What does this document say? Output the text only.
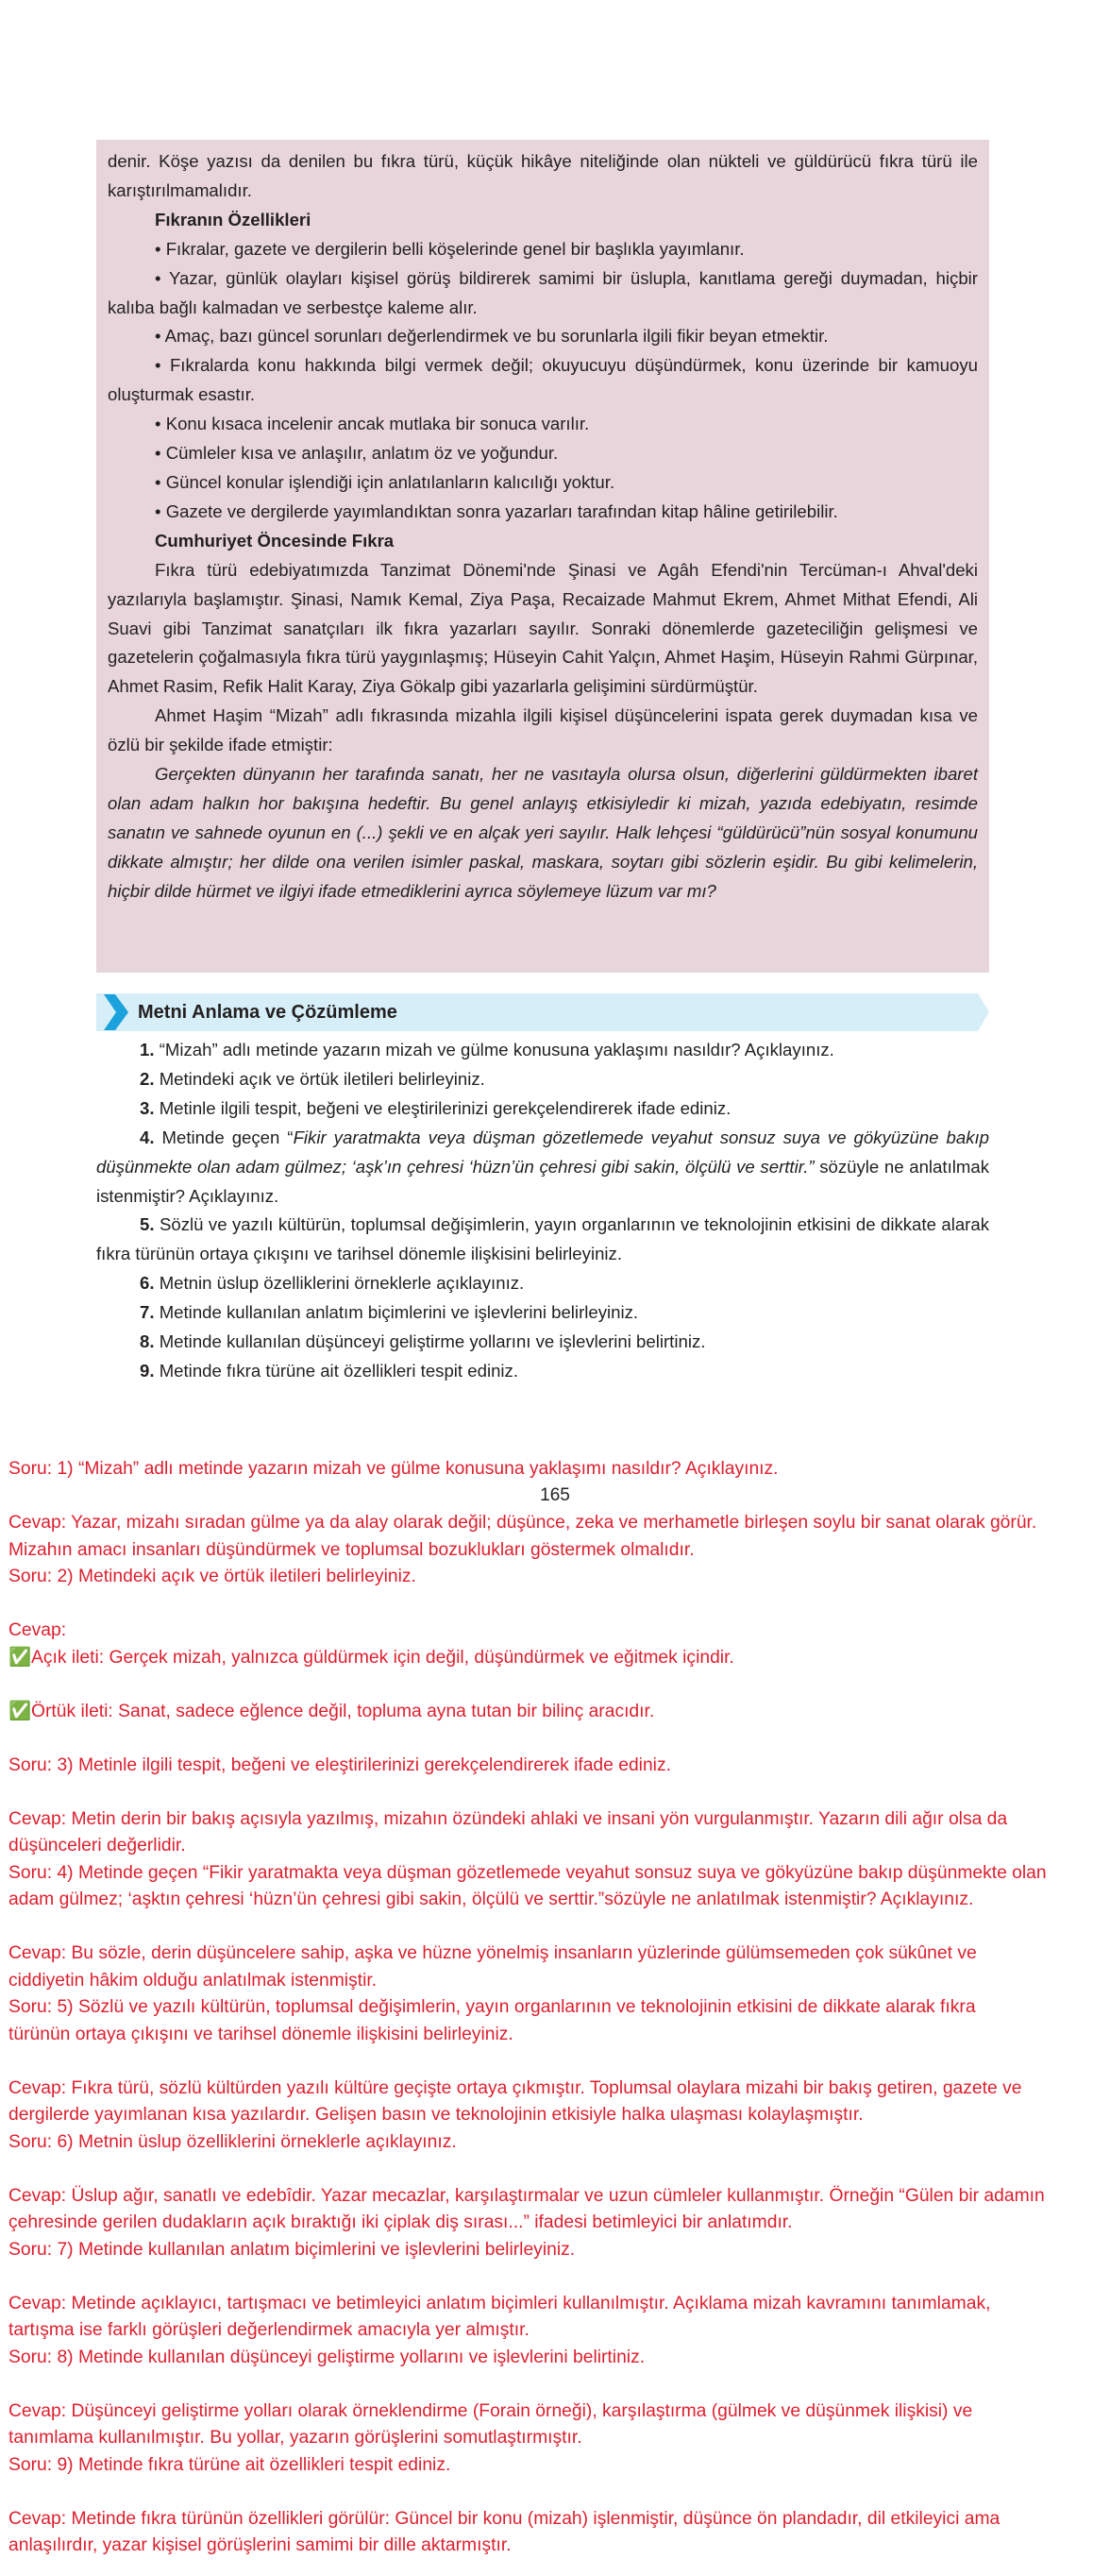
denir. Köşe yazısı da denilen bu fıkra türü, küçük hikâye niteliğinde olan nükteli ve güldürücü fıkra türü ile karıştırılmamalıdır.

Fıkranın Özellikleri

• Fıkralar, gazete ve dergilerin belli köşelerinde genel bir başlıkla yayımlanır.

• Yazar, günlük olayları kişisel görüş bildirerek samimi bir üslupla, kanıtlama gereği duymadan, hiçbir kalıba bağlı kalmadan ve serbestçe kaleme alır.

• Amaç, bazı güncel sorunları değerlendirmek ve bu sorunlarla ilgili fikir beyan etmektir.

• Fıkralarda konu hakkında bilgi vermek değil; okuyucuyu düşündürmek, konu üzerinde bir kamuoyu oluşturmak esastır.

• Konu kısaca incelenir ancak mutlaka bir sonuca varılır.

• Cümleler kısa ve anlaşılır, anlatım öz ve yoğundur.

• Güncel konular işlendiği için anlatılanların kalıcılığı yoktur.

• Gazete ve dergilerde yayımlandıktan sonra yazarları tarafından kitap hâline getirilebilir.

Cumhuriyet Öncesinde Fıkra

Fıkra türü edebiyatımızda Tanzimat Dönemi'nde Şinasi ve Agâh Efendi'nin Tercüman-ı Ahval'deki yazılarıyla başlamıştır. Şinasi, Namık Kemal, Ziya Paşa, Recaizade Mahmut Ekrem, Ahmet Mithat Efendi, Ali Suavi gibi Tanzimat sanatçıları ilk fıkra yazarları sayılır. Sonraki dönemlerde gazeteciliğin gelişmesi ve gazetelerin çoğalmasıyla fıkra türü yaygınlaşmış; Hüseyin Cahit Yalçın, Ahmet Haşim, Hüseyin Rahmi Gürpınar, Ahmet Rasim, Refik Halit Karay, Ziya Gökalp gibi yazarlarla gelişimini sürdürmüştür.

Ahmet Haşim “Mizah” adlı fıkrasında mizahla ilgili kişisel düşüncelerini ispata gerek duymadan kısa ve özlü bir şekilde ifade etmiştir:

Gerçekten dünyanın her tarafında sanatı, her ne vasıtayla olursa olsun, diğerlerini güldürmekten ibaret olan adam halkın hor bakışına hedeftir. Bu genel anlayış etkisiyledir ki mizah, yazıda edebiyatın, resimde sanatın ve sahnede oyunun en (...) şekli ve en alçak yeri sayılır. Halk lehçesi “güldürücü”nün sosyal konumunu dikkate almıştır; her dilde ona verilen isimler paskal, maskara, soytarı gibi sözlerin eşidir. Bu gibi kelimelerin, hiçbir dilde hürmet ve ilgiyi ifade etmediklerini ayrıca söylemeye lüzum var mı?

Metni Anlama ve Çözümleme

1. “Mizah” adlı metinde yazarın mizah ve gülme konusuna yaklaşımı nasıldır? Açıklayınız.

2. Metindeki açık ve örtük iletileri belirleyiniz.

3. Metinle ilgili tespit, beğeni ve eleştirilerinizi gerekçelendirerek ifade ediniz.

4. Metinde geçen “Fikir yaratmakta veya düşman gözetlemede veyahut sonsuz suya ve gökyüzüne bakıp düşünmekte olan adam gülmez; ‘aşk’ın çehresi ‘hüzn’ün çehresi gibi sakin, ölçülü ve serttir.” sözüyle ne anlatılmak istenmiştir? Açıklayınız.

5. Sözlü ve yazılı kültürün, toplumsal değişimlerin, yayın organlarının ve teknolojinin etkisini de dikkate alarak fıkra türünün ortaya çıkışını ve tarihsel dönemle ilişkisini belirleyiniz.

6. Metnin üslup özelliklerini örneklerle açıklayınız.

7. Metinde kullanılan anlatım biçimlerini ve işlevlerini belirleyiniz.

8. Metinde kullanılan düşünceyi geliştirme yollarını ve işlevlerini belirtiniz.

9. Metinde fıkra türüne ait özellikleri tespit ediniz.

165
Soru: 1) “Mizah” adlı metinde yazarın mizah ve gülme konusuna yaklaşımı nasıldır? Açıklayınız.
Cevap: Yazar, mizahı sıradan gülme ya da alay olarak değil; düşünce, zeka ve merhametle birleşen soylu bir sanat olarak görür.
Mizahın amacı insanları düşündürmek ve toplumsal bozuklukları göstermek olmalıdır.
Soru: 2) Metindeki açık ve örtük iletileri belirleyiniz.
Cevap:
✅Açık ileti: Gerçek mizah, yalnızca güldürmek için değil, düşündürmek ve eğitmek içindir.
✅Örtük ileti: Sanat, sadece eğlence değil, topluma ayna tutan bir bilinç aracıdır.
Soru: 3) Metinle ilgili tespit, beğeni ve eleştirilerinizi gerekçelendirerek ifade ediniz.
Cevap: Metin derin bir bakış açısıyla yazılmış, mizahın özündeki ahlaki ve insani yön vurgulanmıştır. Yazarın dili ağır olsa da
düşünceleri değerlidir.
Soru: 4) Metinde geçen “Fikir yaratmakta veya düşman gözetlemede veyahut sonsuz suya ve gökyüzüne bakıp düşünmekte olan
adam gülmez; ‘aşktın çehresi ‘hüzn’ün çehresi gibi sakin, ölçülü ve serttir.”sözüyle ne anlatılmak istenmiştir? Açıklayınız.
Cevap: Bu sözle, derin düşüncelere sahip, aşka ve hüzne yönelmiş insanların yüzlerinde gülümsemeden çok sükûnet ve
ciddiyetin hâkim olduğu anlatılmak istenmiştir.
Soru: 5) Sözlü ve yazılı kültürün, toplumsal değişimlerin, yayın organlarının ve teknolojinin etkisini de dikkate alarak fıkra
türünün ortaya çıkışını ve tarihsel dönemle ilişkisini belirleyiniz.
Cevap: Fıkra türü, sözlü kültürden yazılı kültüre geçişte ortaya çıkmıştır. Toplumsal olaylara mizahi bir bakış getiren, gazete ve
dergilerde yayımlanan kısa yazılardır. Gelişen basın ve teknolojinin etkisiyle halka ulaşması kolaylaşmıştır.
Soru: 6) Metnin üslup özelliklerini örneklerle açıklayınız.
Cevap: Üslup ağır, sanatlı ve edebîdir. Yazar mecazlar, karşılaştırmalar ve uzun cümleler kullanmıştır. Örneğin “Gülen bir adamın
çehresinde gerilen dudakların açık bıraktığı iki çiplak diş sırası...” ifadesi betimleyici bir anlatımdır.
Soru: 7) Metinde kullanılan anlatım biçimlerini ve işlevlerini belirleyiniz.
Cevap: Metinde açıklayıcı, tartışmacı ve betimleyici anlatım biçimleri kullanılmıştır. Açıklama mizah kavramını tanımlamak,
tartışma ise farklı görüşleri değerlendirmek amacıyla yer almıştır.
Soru: 8) Metinde kullanılan düşünceyi geliştirme yollarını ve işlevlerini belirtiniz.
Cevap: Düşünceyi geliştirme yolları olarak örneklendirme (Forain örneği), karşılaştırma (gülmek ve düşünmek ilişkisi) ve
tanımlama kullanılmıştır. Bu yollar, yazarın görüşlerini somutlaştırmıştır.
Soru: 9) Metinde fıkra türüne ait özellikleri tespit ediniz.
Cevap: Metinde fıkra türünün özellikleri görülür: Güncel bir konu (mizah) işlenmiştir, düşünce ön plandadır, dil etkileyici ama
anlaşılırdır, yazar kişisel görüşlerini samimi bir dille aktarmıştır.
